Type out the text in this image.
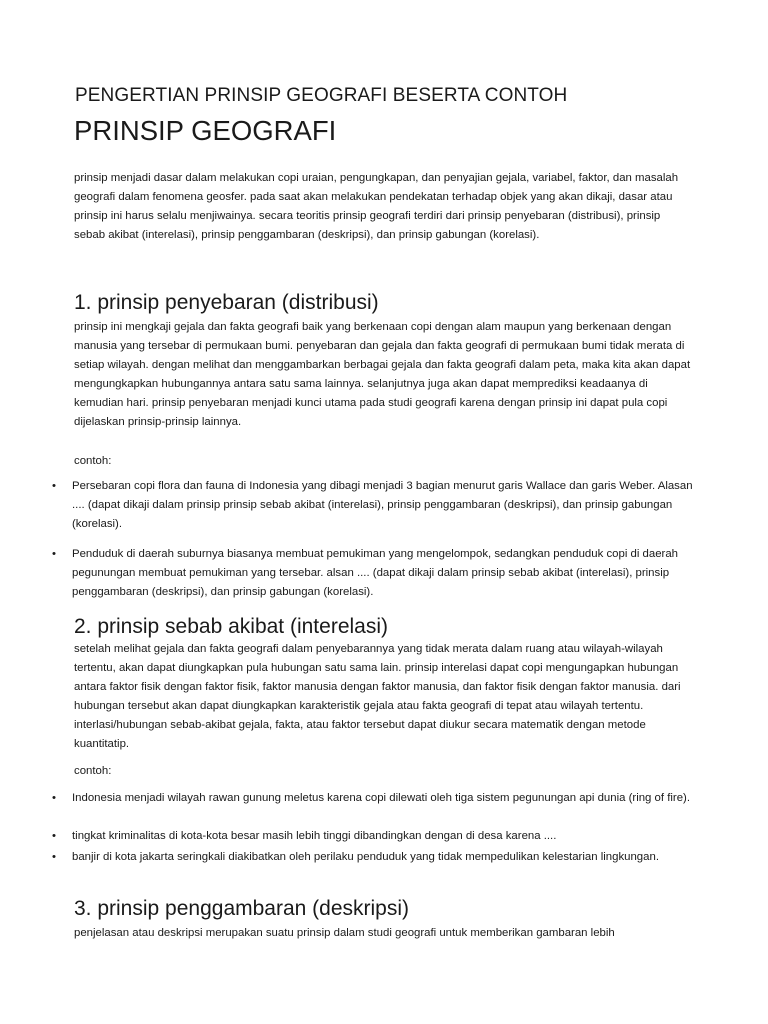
PENGERTIAN PRINSIP GEOGRAFI BESERTA CONTOH
PRINSIP GEOGRAFI

prinsip menjadi dasar dalam melakukan copi uraian, pengungkapan, dan penyajian gejala, variabel, faktor, dan masalah geografi dalam fenomena geosfer. pada saat akan melakukan pendekatan terhadap objek yang akan dikaji, dasar atau prinsip ini harus selalu menjiwainya. secara teoritis prinsip geografi terdiri dari prinsip penyebaran (distribusi), prinsip sebab akibat (interelasi), prinsip penggambaran (deskripsi), dan prinsip gabungan (korelasi).

1. prinsip penyebaran (distribusi)

prinsip ini mengkaji gejala dan fakta geografi baik yang berkenaan copi dengan alam maupun yang berkenaan dengan manusia yang tersebar di permukaan bumi. penyebaran dan gejala dan fakta geografi di permukaan bumi tidak merata di setiap wilayah. dengan melihat dan menggambarkan berbagai gejala dan fakta geografi dalam peta, maka kita akan dapat mengungkapkan hubungannya antara satu sama lainnya. selanjutnya juga akan dapat memprediksi keadaanya di kemudian hari. prinsip penyebaran menjadi kunci utama pada studi geografi karena dengan prinsip ini dapat pula copi dijelaskan prinsip-prinsip lainnya.

contoh:
• Persebaran copi flora dan fauna di Indonesia yang dibagi menjadi 3 bagian menurut garis Wallace dan garis Weber. Alasan .... (dapat dikaji dalam prinsip prinsip sebab akibat (interelasi), prinsip penggambaran (deskripsi), dan prinsip gabungan (korelasi).

• Penduduk di daerah suburnya biasanya membuat pemukiman yang mengelompok, sedangkan penduduk copi di daerah pegunungan membuat pemukiman yang tersebar. alsan .... (dapat dikaji dalam prinsip sebab akibat (interelasi), prinsip penggambaran (deskripsi), dan prinsip gabungan (korelasi).

2. prinsip sebab akibat (interelasi)

setelah melihat gejala dan fakta geografi dalam penyebarannya yang tidak merata dalam ruang atau wilayah-wilayah tertentu, akan dapat diungkapkan pula hubungan satu sama lain. prinsip interelasi dapat copi mengungapkan hubungan antara faktor fisik dengan faktor fisik, faktor manusia dengan faktor manusia, dan faktor fisik dengan faktor manusia. dari hubungan tersebut akan dapat diungkapkan karakteristik gejala atau fakta geografi di tepat atau wilayah tertentu. interlasi/hubungan sebab-akibat gejala, fakta, atau faktor tersebut dapat diukur secara matematik dengan metode kuantitatip.

contoh:
• Indonesia menjadi wilayah rawan gunung meletus karena copi dilewati oleh tiga sistem pegunungan api dunia (ring of fire).

• tingkat kriminalitas di kota-kota besar masih lebih tinggi dibandingkan dengan di desa karena ....

• banjir di kota jakarta seringkali diakibatkan oleh perilaku penduduk yang tidak mempedulikan kelestarian lingkungan.

3. prinsip penggambaran (deskripsi)

penjelasan atau deskripsi merupakan suatu prinsip dalam studi geografi untuk memberikan gambaran lebih
